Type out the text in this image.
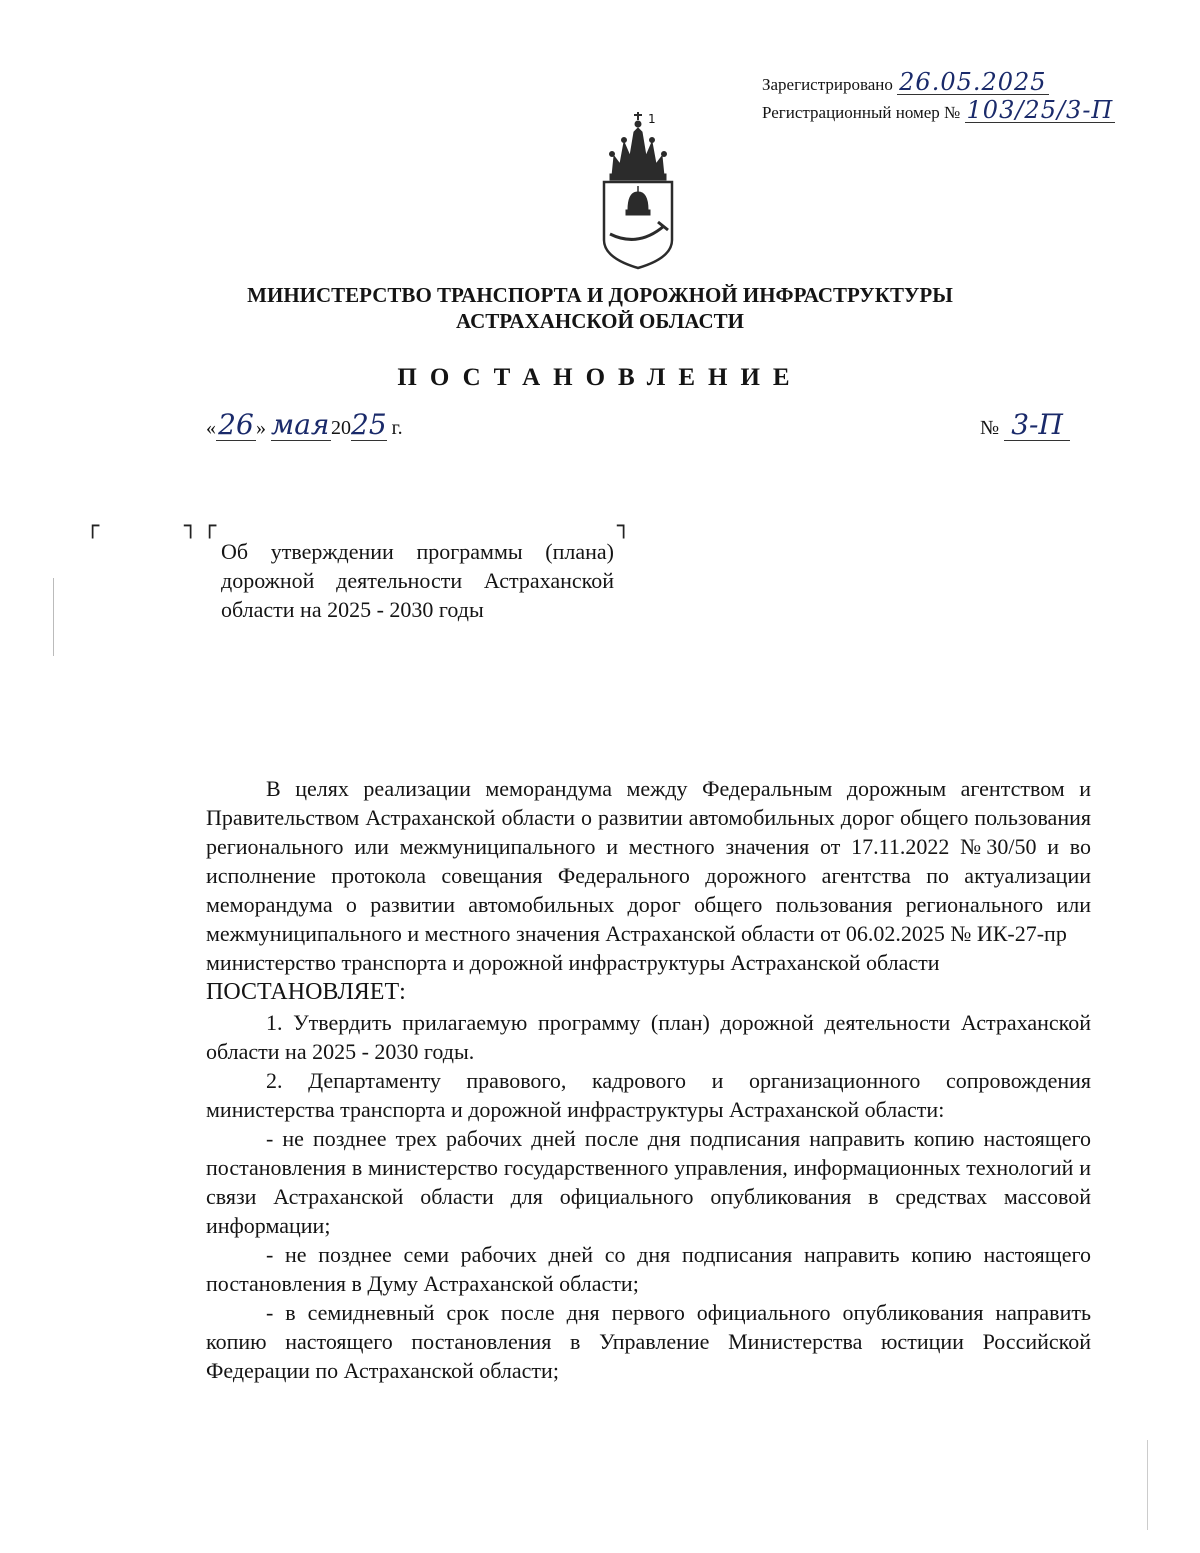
Зарегистрировано 26.05.2025
Регистрационный номер № 103/25/3-П
1
МИНИСТЕРСТВО ТРАНСПОРТА И ДОРОЖНОЙ ИНФРАСТРУКТУРЫ
АСТРАХАНСКОЙ ОБЛАСТИ
ПОСТАНОВЛЕНИЕ
«26 » мая2025 г.	№ 3-П
┌	┐ ┌	┐
Об утверждении программы (плана) дорожной деятельности Астраханской области на 2025 - 2030 годы

В целях реализации меморандума между Федеральным дорожным агентством и Правительством Астраханской области о развитии автомобильных дорог общего пользования регионального или межмуниципального и местного значения от 17.11.2022 №30/50 и во исполнение протокола совещания Федерального дорожного агентства по актуализации меморандума о развитии автомобильных дорог общего пользования регионального или межмуниципального и местного значения Астраханской области от 06.02.2025 № ИК-27-пр

министерство транспорта и дорожной инфраструктуры Астраханской области

ПОСТАНОВЛЯЕТ:

1. Утвердить прилагаемую программу (план) дорожной деятельности Астраханской области на 2025 - 2030 годы.

2. Департаменту правового, кадрового и организационного сопровождения министерства транспорта и дорожной инфраструктуры Астраханской области:

- не позднее трех рабочих дней после дня подписания направить копию настоящего постановления в министерство государственного управления, информационных технологий и связи Астраханской области для официального опубликования в средствах массовой информации;

- не позднее семи рабочих дней со дня подписания направить копию настоящего постановления в Думу Астраханской области;

- в семидневный срок после дня первого официального опубликования направить копию настоящего постановления в Управление Министерства юстиции Российской Федерации по Астраханской области;
